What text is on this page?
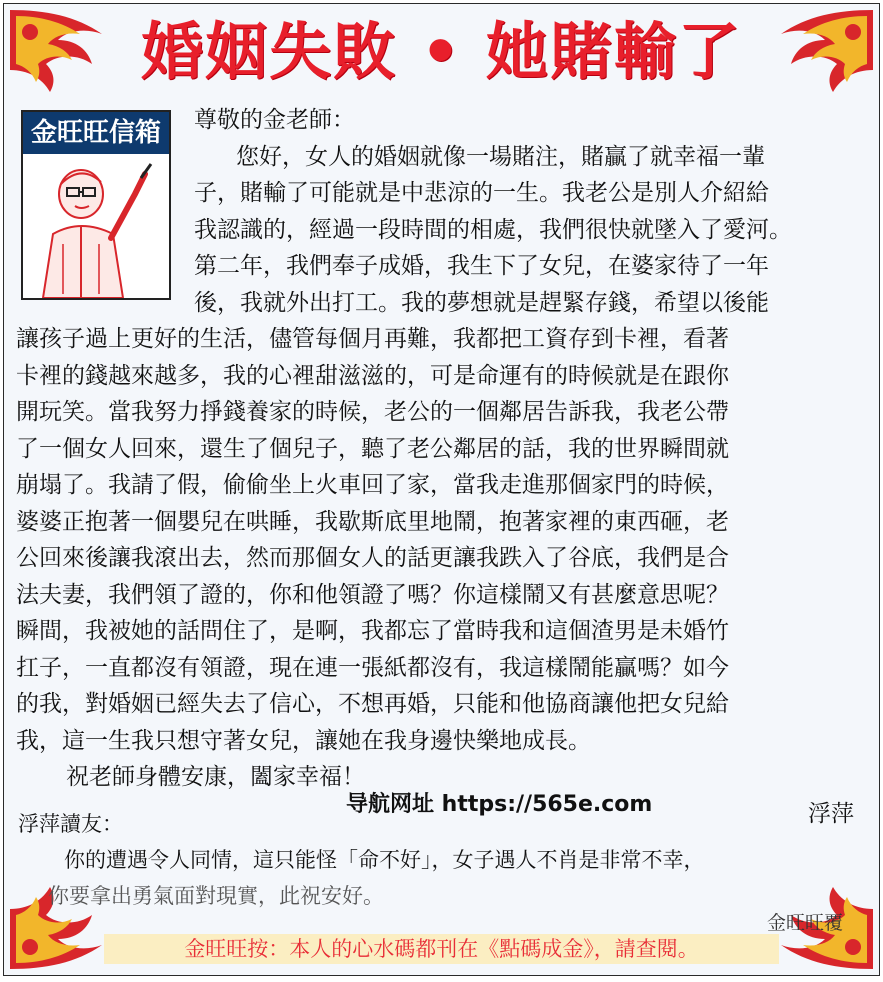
婚姻失敗 • 她賭輸了
金旺旺信箱	尊敬的金老師：
您好，女人的婚姻就像一場賭注，賭贏了就幸福一輩
子，賭輸了可能就是中悲涼的一生。我老公是別人介紹給
我認識的，經過一段時間的相處，我們很快就墜入了愛河。
第二年，我們奉子成婚，我生下了女兒，在婆家待了一年
後，我就外出打工。我的夢想就是趕緊存錢，希望以後能
讓孩子過上更好的生活，儘管每個月再難，我都把工資存到卡裡，看著
卡裡的錢越來越多，我的心裡甜滋滋的，可是命運有的時候就是在跟你
開玩笑。當我努力掙錢養家的時候，老公的一個鄰居告訴我，我老公帶
了一個女人回來，還生了個兒子，聽了老公鄰居的話，我的世界瞬間就
崩塌了。我請了假，偷偷坐上火車回了家，當我走進那個家門的時候，
婆婆正抱著一個嬰兒在哄睡，我歇斯底里地鬧，抱著家裡的東西砸，老
公回來後讓我滾出去，然而那個女人的話更讓我跌入了谷底，我們是合
法夫妻，我們領了證的，你和他領證了嗎？你這樣鬧又有甚麼意思呢？
瞬間，我被她的話問住了，是啊，我都忘了當時我和這個渣男是未婚竹
扛子，一直都沒有領證，現在連一張紙都沒有，我這樣鬧能贏嗎？如今
的我，對婚姻已經失去了信心，不想再婚，只能和他協商讓他把女兒給
我，這一生我只想守著女兒，讓她在我身邊快樂地成長。
祝老師身體安康，闔家幸福！
浮萍
导航网址 https://565e.com
浮萍讀友：
你的遭遇令人同情，這只能怪「命不好」，女子遇人不肖是非常不幸，
你要拿出勇氣面對現實，此祝安好。
金旺旺覆
金旺旺按：本人的心水碼都刊在《點碼成金》，請查閱。
